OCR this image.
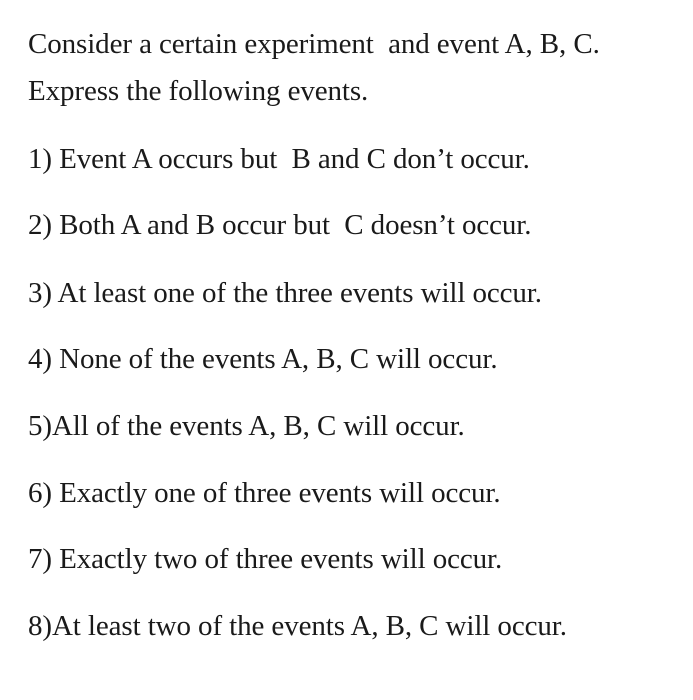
Consider a certain experiment  and event A, B, C.
Express the following events.
1) Event A occurs but  B and C don’t occur.
2) Both A and B occur but  C doesn’t occur.
3) At least one of the three events will occur.
4) None of the events A, B, C will occur.
5)All of the events A, B, C will occur.
6) Exactly one of three events will occur.
7) Exactly two of three events will occur.
8)At least two of the events A, B, C will occur.
